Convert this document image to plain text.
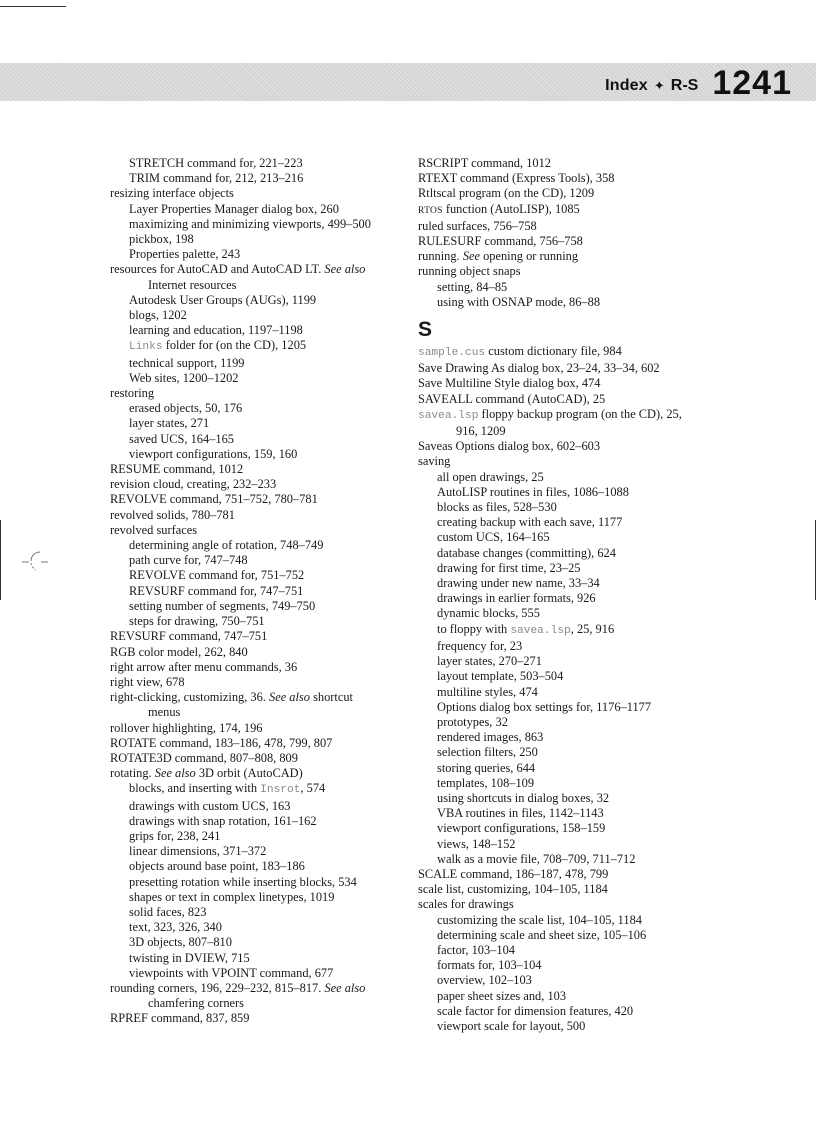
Index ✦ R-S 1241
STRETCH command for, 221–223
TRIM command for, 212, 213–216
resizing interface objects
Layer Properties Manager dialog box, 260
maximizing and minimizing viewports, 499–500
pickbox, 198
Properties palette, 243
resources for AutoCAD and AutoCAD LT. See also
Internet resources
Autodesk User Groups (AUGs), 1199
blogs, 1202
learning and education, 1197–1198
Links folder for (on the CD), 1205
technical support, 1199
Web sites, 1200–1202
restoring
erased objects, 50, 176
layer states, 271
saved UCS, 164–165
viewport configurations, 159, 160
RESUME command, 1012
revision cloud, creating, 232–233
REVOLVE command, 751–752, 780–781
revolved solids, 780–781
revolved surfaces
determining angle of rotation, 748–749
path curve for, 747–748
REVOLVE command for, 751–752
REVSURF command for, 747–751
setting number of segments, 749–750
steps for drawing, 750–751
REVSURF command, 747–751
RGB color model, 262, 840
right arrow after menu commands, 36
right view, 678
right-clicking, customizing, 36. See also shortcut
menus
rollover highlighting, 174, 196
ROTATE command, 183–186, 478, 799, 807
ROTATE3D command, 807–808, 809
rotating. See also 3D orbit (AutoCAD)
blocks, and inserting with Insrot, 574
drawings with custom UCS, 163
drawings with snap rotation, 161–162
grips for, 238, 241
linear dimensions, 371–372
objects around base point, 183–186
presetting rotation while inserting blocks, 534
shapes or text in complex linetypes, 1019
solid faces, 823
text, 323, 326, 340
3D objects, 807–810
twisting in DVIEW, 715
viewpoints with VPOINT command, 677
rounding corners, 196, 229–232, 815–817. See also
chamfering corners
RPREF command, 837, 859
RSCRIPT command, 1012
RTEXT command (Express Tools), 358
Rtltscal program (on the CD), 1209
RTOS function (AutoLISP), 1085
ruled surfaces, 756–758
RULESURF command, 756–758
running. See opening or running
running object snaps
setting, 84–85
using with OSNAP mode, 86–88
S
sample.cus custom dictionary file, 984
Save Drawing As dialog box, 23–24, 33–34, 602
Save Multiline Style dialog box, 474
SAVEALL command (AutoCAD), 25
savea.lsp floppy backup program (on the CD), 25,
916, 1209
Saveas Options dialog box, 602–603
saving
all open drawings, 25
AutoLISP routines in files, 1086–1088
blocks as files, 528–530
creating backup with each save, 1177
custom UCS, 164–165
database changes (committing), 624
drawing for first time, 23–25
drawing under new name, 33–34
drawings in earlier formats, 926
dynamic blocks, 555
to floppy with savea.lsp, 25, 916
frequency for, 23
layer states, 270–271
layout template, 503–504
multiline styles, 474
Options dialog box settings for, 1176–1177
prototypes, 32
rendered images, 863
selection filters, 250
storing queries, 644
templates, 108–109
using shortcuts in dialog boxes, 32
VBA routines in files, 1142–1143
viewport configurations, 158–159
views, 148–152
walk as a movie file, 708–709, 711–712
SCALE command, 186–187, 478, 799
scale list, customizing, 104–105, 1184
scales for drawings
customizing the scale list, 104–105, 1184
determining scale and sheet size, 105–106
factor, 103–104
formats for, 103–104
overview, 102–103
paper sheet sizes and, 103
scale factor for dimension features, 420
viewport scale for layout, 500
